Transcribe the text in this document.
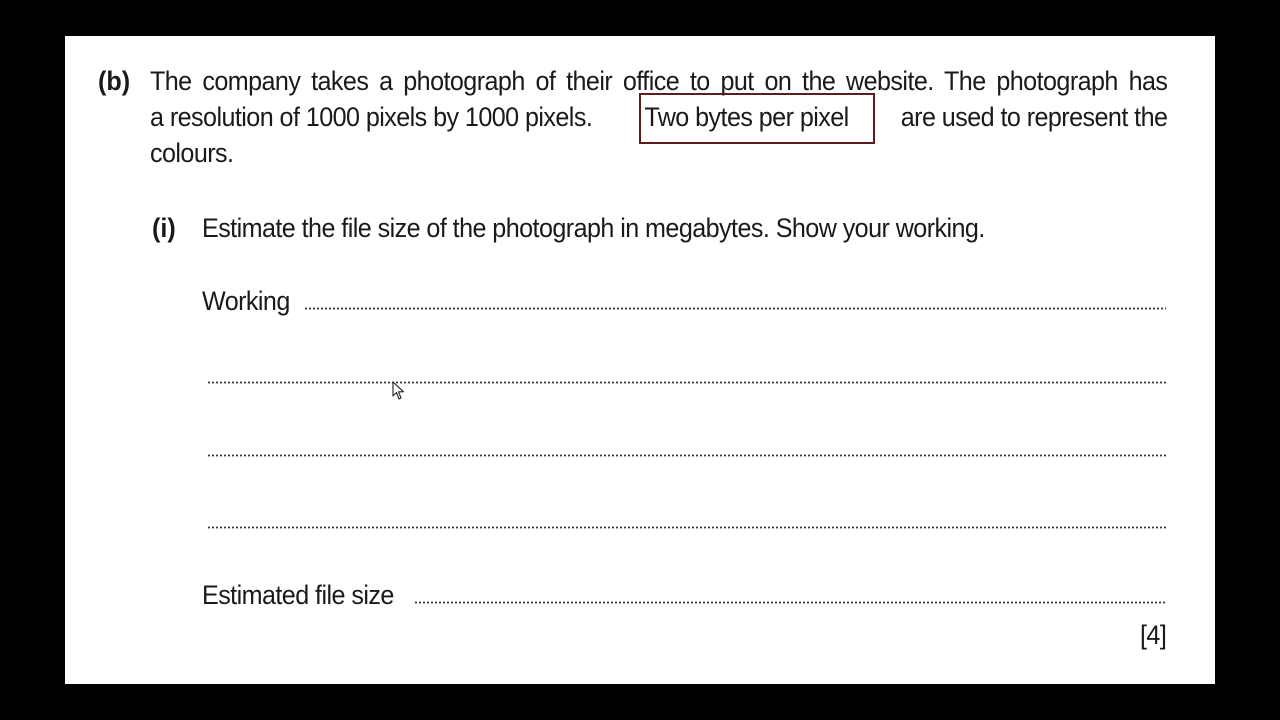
(b) The company takes a photograph of their office to put on the website. The photograph has
a resolution of 1000 pixels by 1000 pixels. Two bytes per pixel are used to represent the
colours.
(i) Estimate the file size of the photograph in megabytes. Show your working.
Working
Estimated file size
[4]
